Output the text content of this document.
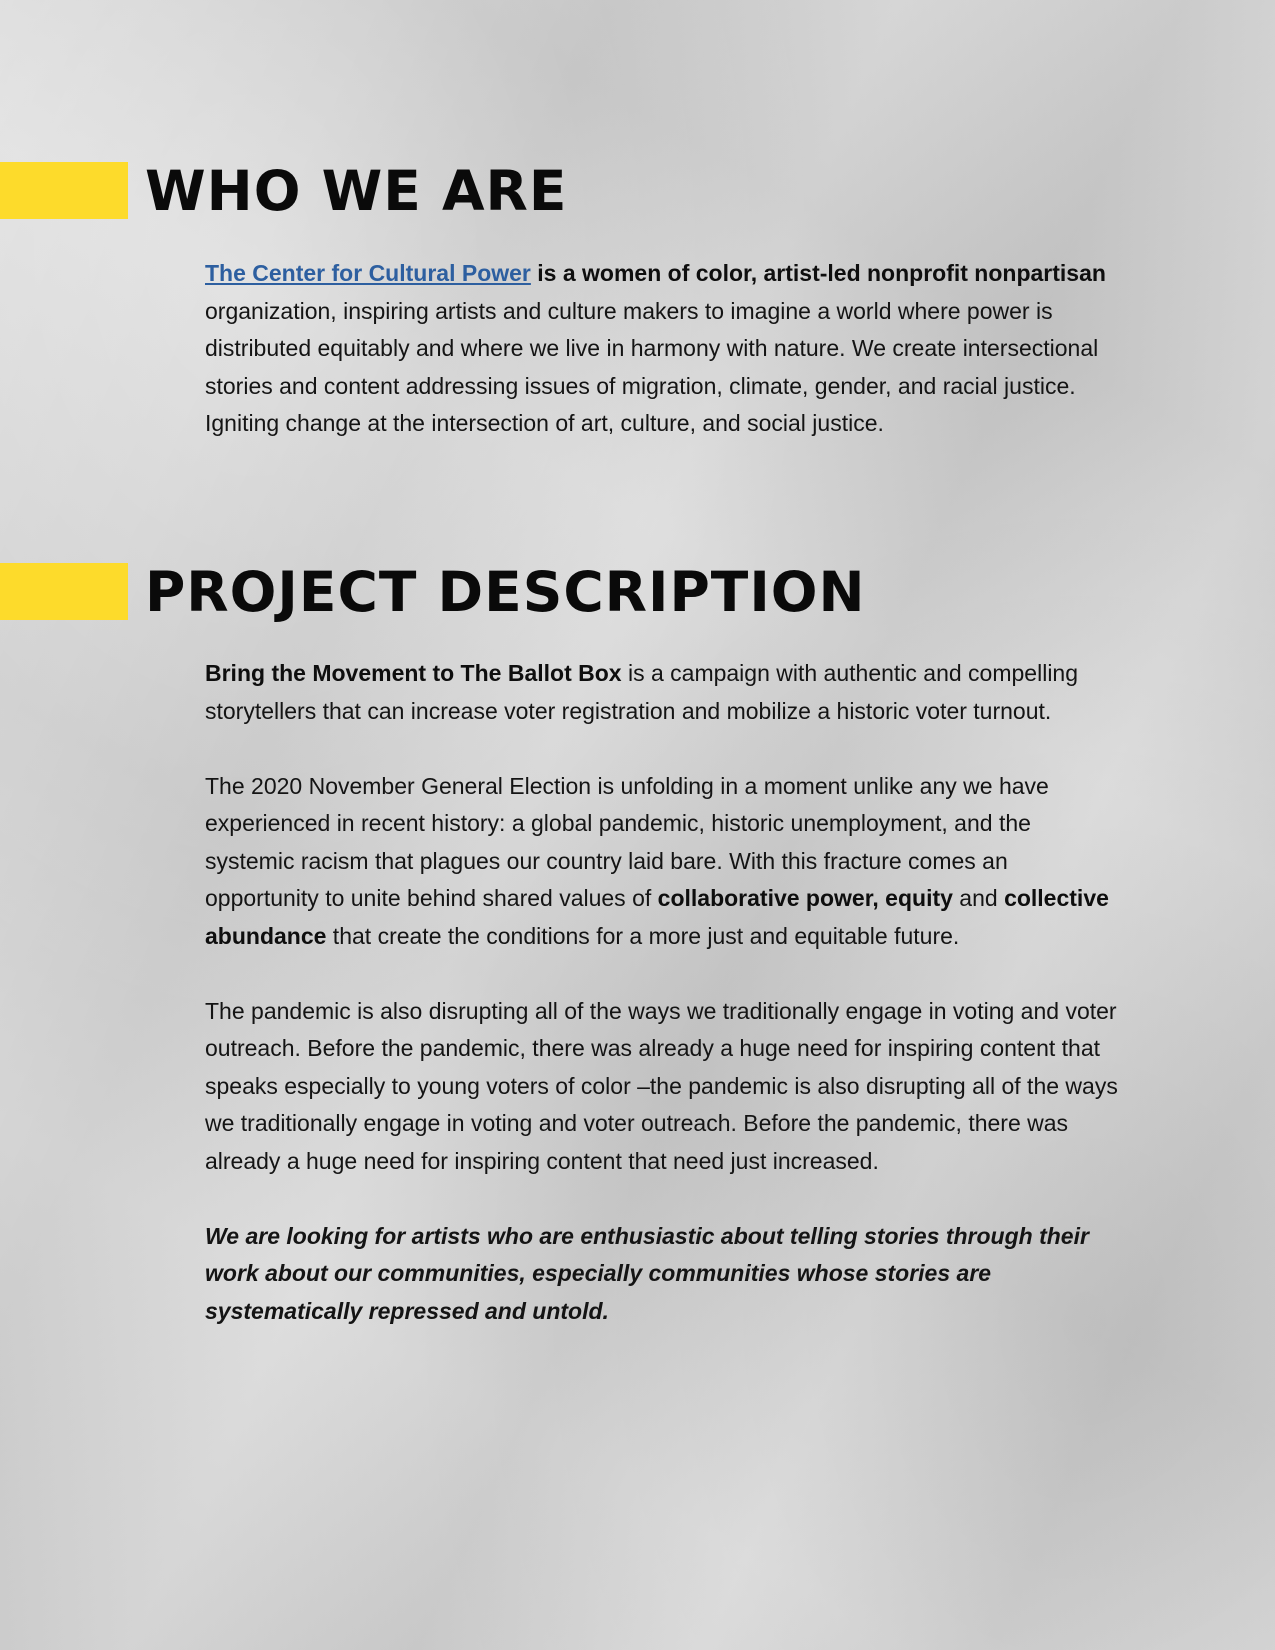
WHO WE ARE

The Center for Cultural Power is a women of color, artist-led nonprofit nonpartisan organization, inspiring artists and culture makers to imagine a world where power is distributed equitably and where we live in harmony with nature. We create intersectional stories and content addressing issues of migration, climate, gender, and racial justice. Igniting change at the intersection of art, culture, and social justice.

PROJECT DESCRIPTION

Bring the Movement to The Ballot Box is a campaign with authentic and compelling storytellers that can increase voter registration and mobilize a historic voter turnout.

The 2020 November General Election is unfolding in a moment unlike any we have experienced in recent history: a global pandemic, historic unemployment, and the systemic racism that plagues our country laid bare. With this fracture comes an opportunity to unite behind shared values of collaborative power, equity and collective abundance that create the conditions for a more just and equitable future.

The pandemic is also disrupting all of the ways we traditionally engage in voting and voter outreach. Before the pandemic, there was already a huge need for inspiring content that speaks especially to young voters of color –the pandemic is also disrupting all of the ways we traditionally engage in voting and voter outreach. Before the pandemic, there was already a huge need for inspiring content that need just increased.

We are looking for artists who are enthusiastic about telling stories through their work about our communities, especially communities whose stories are systematically repressed and untold.
